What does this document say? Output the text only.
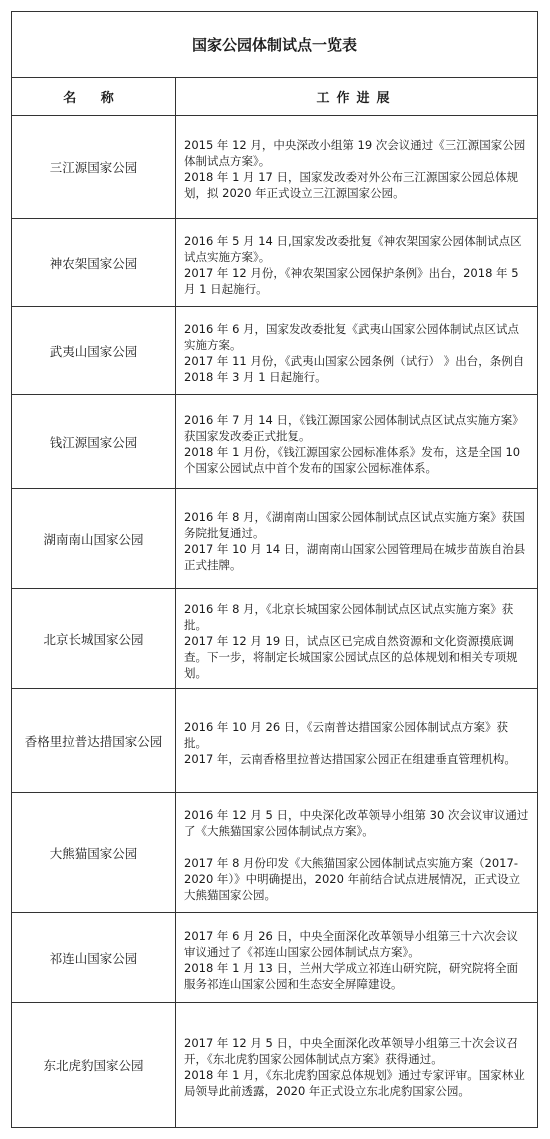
国家公园体制试点一览表
名 称	工作进展
三江源国家公园

2015 年 12 月，中央深改小组第 19 次会议通过《三江源国家公园体制试点方案》。

2018 年 1 月 17 日，国家发改委对外公布三江源国家公园总体规划，拟 2020 年正式设立三江源国家公园。

神农架国家公园

2016 年 5 月 14 日,国家发改委批复《神农架国家公园体制试点区试点实施方案》。

2017 年 12 月份，《神农架国家公园保护条例》出台，2018 年 5 月 1 日起施行。

武夷山国家公园

2016 年 6 月，国家发改委批复《武夷山国家公园体制试点区试点实施方案。

2017 年 11 月份，《武夷山国家公园条例（试行） 》出台，条例自 2018 年 3 月 1 日起施行。

钱江源国家公园

2016 年 7 月 14 日，《钱江源国家公园体制试点区试点实施方案》获国家发改委正式批复。

2018 年 1 月份，《钱江源国家公园标准体系》发布，这是全国 10 个国家公园试点中首个发布的国家公园标准体系。

湖南南山国家公园

2016 年 8 月，《湖南南山国家公园体制试点区试点实施方案》获国务院批复通过。

2017 年 10 月 14 日，湖南南山国家公园管理局在城步苗族自治县正式挂牌。

北京长城国家公园

2016 年 8 月，《北京长城国家公园体制试点区试点实施方案》获批。

2017 年 12 月 19 日，试点区已完成自然资源和文化资源摸底调查。下一步，将制定长城国家公园试点区的总体规划和相关专项规划。

香格里拉普达措国家公园

2016 年 10 月 26 日，《云南普达措国家公园体制试点方案》获批。

2017 年，云南香格里拉普达措国家公园正在组建垂直管理机构。

大熊猫国家公园

2016 年 12 月 5 日，中央深化改革领导小组第 30 次会议审议通过了《大熊猫国家公园体制试点方案》。

2017 年 8 月份印发《大熊猫国家公园体制试点实施方案（2017-2020 年）》中明确提出，2020 年前结合试点进展情况，正式设立大熊猫国家公园。

祁连山国家公园

2017 年 6 月 26 日，中央全面深化改革领导小组第三十六次会议审议通过了《祁连山国家公园体制试点方案》。

2018 年 1 月 13 日，兰州大学成立祁连山研究院，研究院将全面服务祁连山国家公园和生态安全屏障建设。

东北虎豹国家公园

2017 年 12 月 5 日，中央全面深化改革领导小组第三十次会议召开，《东北虎豹国家公园体制试点方案》获得通过。

2018 年 1 月，《东北虎豹国家总体规划》通过专家评审。国家林业局领导此前透露，2020 年正式设立东北虎豹国家公园。
